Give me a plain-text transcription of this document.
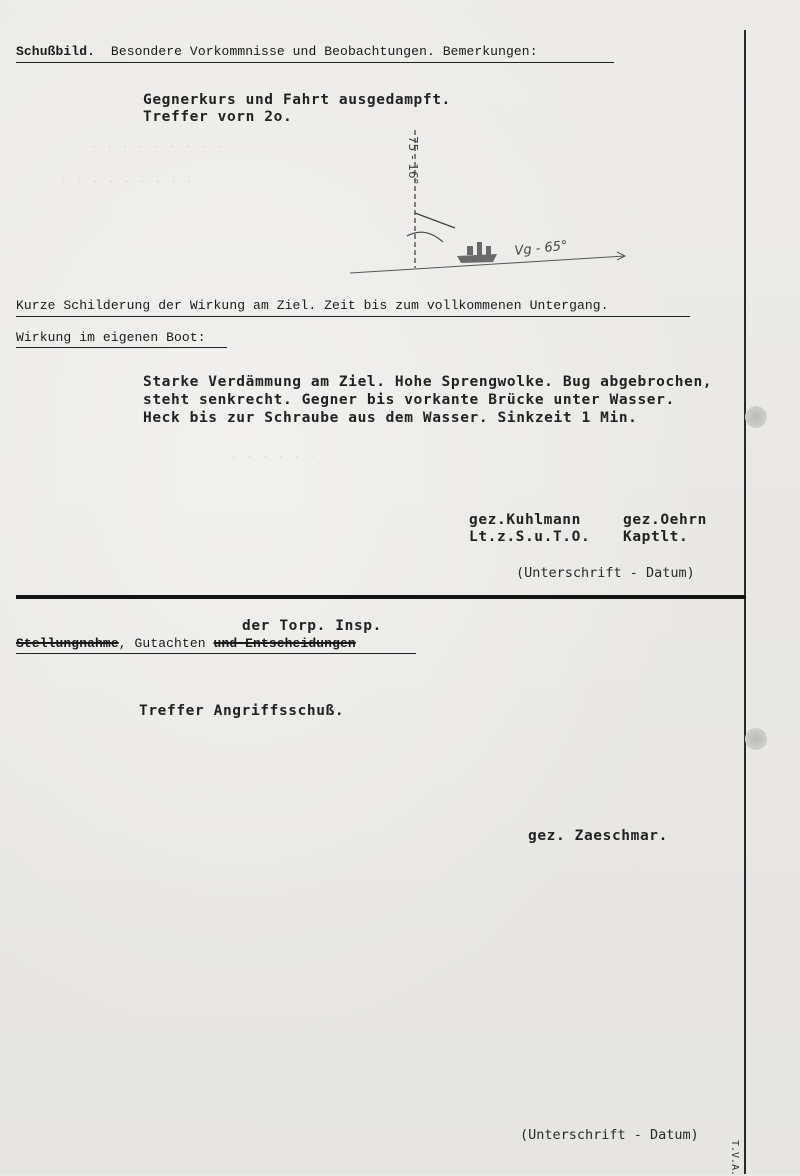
· · · · · · · · ·
· · · · · · · · ·
· · · · · ·
Schußbild. Besondere Vorkommnisse und Beobachtungen. Bemerkungen:
Gegnerkurs und Fahrt ausgedampft.
Treffer vorn 2o.
75 - 16°
Vg - 65°
Kurze Schilderung der Wirkung am Ziel. Zeit bis zum vollkommenen Untergang.
Wirkung im eigenen Boot:
Starke Verdämmung am Ziel. Hohe Sprengwolke. Bug abgebrochen,
steht senkrecht. Gegner bis vorkante Brücke unter Wasser.
Heck bis zur Schraube aus dem Wasser. Sinkzeit 1 Min.
gez.Kuhlmann
Lt.z.S.u.T.O.
gez.Oehrn
Kaptlt.
(Unterschrift - Datum)
der Torp. Insp.
Stellungnahme, Gutachten und Entscheidungen
Treffer Angriffsschuß.
gez. Zaeschmar.
(Unterschrift - Datum)
T.V.A.
